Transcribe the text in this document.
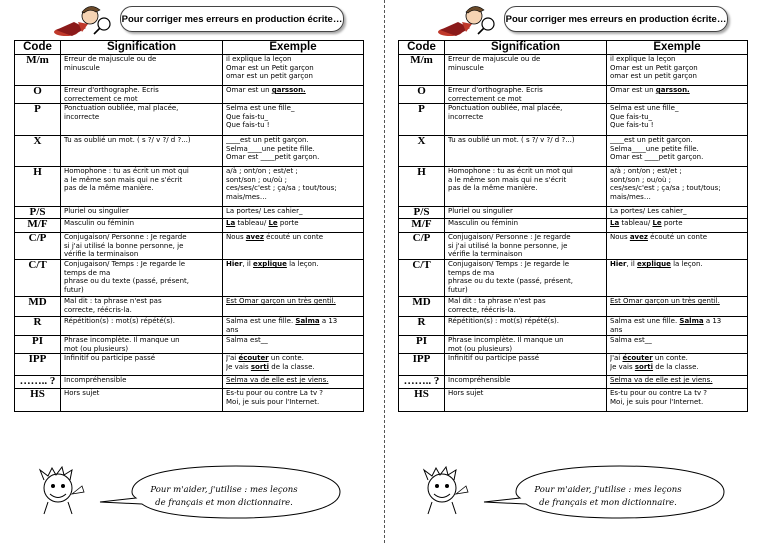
Pour corriger mes erreurs en production écrite…
Code	Signification	Exemple
M/m	Erreur de majuscule ou de
minuscule	il explique la leçon
Omar est un Petit garçon
omar est un petit garçon

O	Erreur d'orthographe. Ecris
correctement ce mot	Omar est un garsson.

P	Ponctuation oubliée, mal placée,
incorrecte	Selma est une fille_
Que fais-tu_
Que fais-tu !

X	Tu as oublié un mot. ( s ?/ v ?/ d ?...)	____est un petit garçon.
Selma____une petite fille.
Omar est ____petit garçon.

H	Homophone : tu as écrit un mot qui
a le même son mais qui ne s'écrit
pas de la même manière.	a/à ; ont/on ; est/et ;
sont/son ; ou/où ;
ces/ses/c'est ; ça/sa ; tout/tous;
mais/mes…

P/S	Pluriel ou singulier	La portes/ Les cahier_

M/F	Masculin ou féminin	La tableau/ Le porte

C/P	Conjugaison/ Personne : Je regarde
si j'ai utilisé la bonne personne, je
vérifie la terminaison	Nous avez écouté un conte

C/T	Conjugaison/ Temps : Je regarde le
temps de ma
phrase ou du texte (passé, présent,
futur)	Hier, il explique la leçon.

MD	Mal dit : ta phrase n'est pas
correcte, réécris-la.	Est Omar garçon un très gentil.

R	Répétition(s) : mot(s) répété(s).	Salma est une fille. Salma a 13
ans

PI	Phrase incomplète. Il manque un
mot (ou plusieurs)	Salma est__

IPP	Infinitif ou participe passé	J'ai écouter un conte.
Je vais sorti de la classe.

…….. ?	Incompréhensible	Selma va de elle est je viens.

HS	Hors sujet	Es-tu pour ou contre La tv ?
Moi, je suis pour l'Internet.
Pour m'aider, j'utilise : mes leçons
de français et mon dictionnaire.
Pour corriger mes erreurs en production écrite…
Code	Signification	Exemple
M/m	Erreur de majuscule ou de
minuscule	il explique la leçon
Omar est un Petit garçon
omar est un petit garçon

O	Erreur d'orthographe. Ecris
correctement ce mot	Omar est un garsson.

P	Ponctuation oubliée, mal placée,
incorrecte	Selma est une fille_
Que fais-tu_
Que fais-tu !

X	Tu as oublié un mot. ( s ?/ v ?/ d ?...)	____est un petit garçon.
Selma____une petite fille.
Omar est ____petit garçon.

H	Homophone : tu as écrit un mot qui
a le même son mais qui ne s'écrit
pas de la même manière.	a/à ; ont/on ; est/et ;
sont/son ; ou/où ;
ces/ses/c'est ; ça/sa ; tout/tous;
mais/mes…

P/S	Pluriel ou singulier	La portes/ Les cahier_

M/F	Masculin ou féminin	La tableau/ Le porte

C/P	Conjugaison/ Personne : Je regarde
si j'ai utilisé la bonne personne, je
vérifie la terminaison	Nous avez écouté un conte

C/T	Conjugaison/ Temps : Je regarde le
temps de ma
phrase ou du texte (passé, présent,
futur)	Hier, il explique la leçon.

MD	Mal dit : ta phrase n'est pas
correcte, réécris-la.	Est Omar garçon un très gentil.

R	Répétition(s) : mot(s) répété(s).	Salma est une fille. Salma a 13
ans

PI	Phrase incomplète. Il manque un
mot (ou plusieurs)	Salma est__

IPP	Infinitif ou participe passé	J'ai écouter un conte.
Je vais sorti de la classe.

…….. ?	Incompréhensible	Selma va de elle est je viens.

HS	Hors sujet	Es-tu pour ou contre La tv ?
Moi, je suis pour l'Internet.
Pour m'aider, j'utilise : mes leçons
de français et mon dictionnaire.
